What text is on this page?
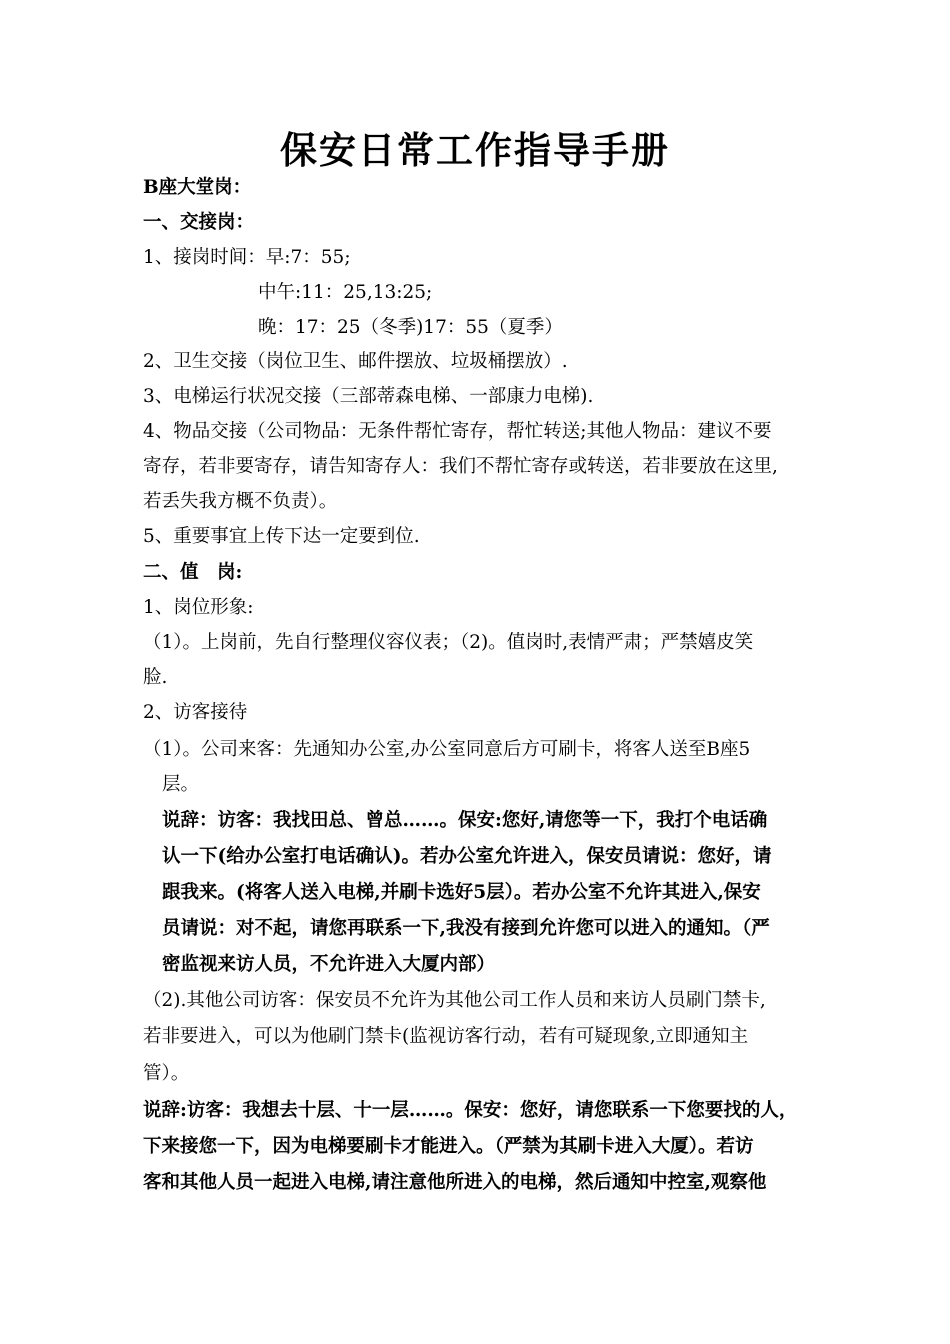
保安日常工作指导手册
B座大堂岗：
一、交接岗：
1、接岗时间：早:7：55;
中午:11：25,13:25;
晚：17：25（冬季)17：55（夏季）
2、卫生交接（岗位卫生、邮件摆放、垃圾桶摆放）.
3、电梯运行状况交接（三部蒂森电梯、一部康力电梯).
4、物品交接（公司物品：无条件帮忙寄存，帮忙转送;其他人物品：建议不要
寄存，若非要寄存，请告知寄存人：我们不帮忙寄存或转送，若非要放在这里,
若丢失我方概不负责）。
5、重要事宜上传下达一定要到位.
二、值　岗:
1、岗位形象:
（1）。上岗前，先自行整理仪容仪表；（2)。值岗时,表情严肃；严禁嬉皮笑
脸.
2、访客接待
（1）。公司来客：先通知办公室,办公室同意后方可刷卡，将客人送至B座5
层。
说辞：访客：我找田总、曾总……。保安:您好,请您等一下，我打个电话确
认一下(给办公室打电话确认)。若办公室允许进入，保安员请说：您好，请
跟我来。(将客人送入电梯,并刷卡选好5层）。若办公室不允许其进入,保安
员请说：对不起，请您再联系一下,我没有接到允许您可以进入的通知。（严
密监视来访人员，不允许进入大厦内部）
（2).其他公司访客：保安员不允许为其他公司工作人员和来访人员刷门禁卡,
若非要进入，可以为他刷门禁卡(监视访客行动，若有可疑现象,立即通知主
管）。
说辞:访客：我想去十层、十一层……。保安：您好，请您联系一下您要找的人，
下来接您一下，因为电梯要刷卡才能进入。（严禁为其刷卡进入大厦）。若访
客和其他人员一起进入电梯,请注意他所进入的电梯，然后通知中控室,观察他
